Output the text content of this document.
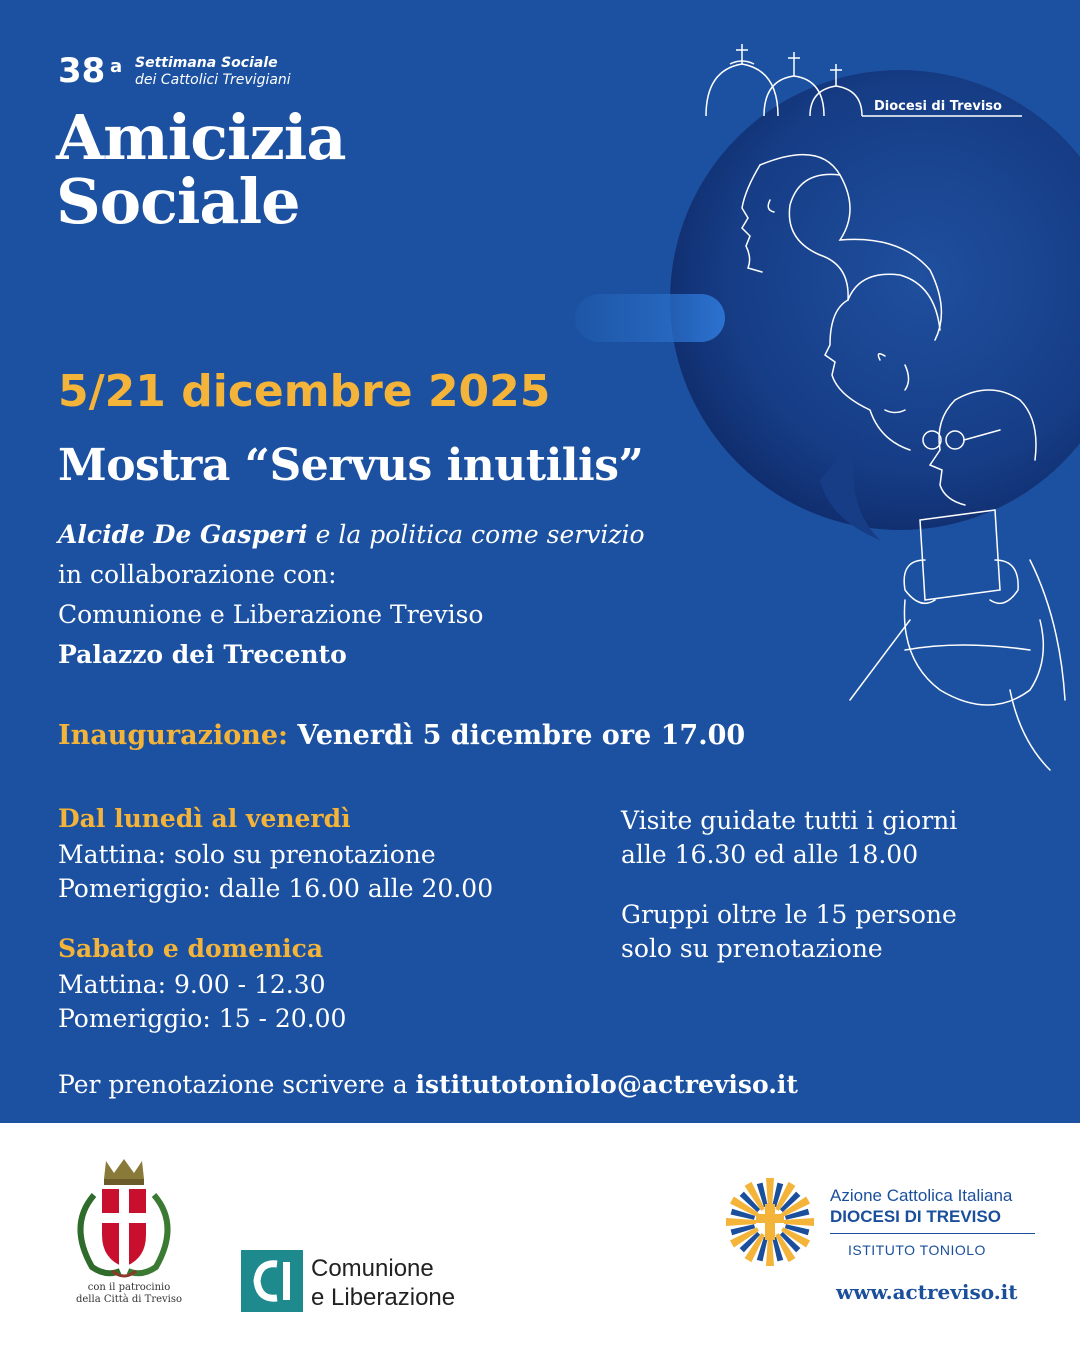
38 a Settimana Sociale
dei Cattolici Trevigiani
Amicizia
Sociale
Diocesi di Treviso
5/21 dicembre 2025
Mostra “Servus inutilis”
Alcide De Gasperi e la politica come servizio
in collaborazione con:
Comunione e Liberazione Treviso
Palazzo dei Trecento
Inaugurazione: Venerdì 5 dicembre ore 17.00
Dal lunedì al venerdì
Mattina: solo su prenotazione
Pomeriggio: dalle 16.00 alle 20.00
Sabato e domenica
Mattina: 9.00 - 12.30
Pomeriggio: 15 - 20.00
Visite guidate tutti i giorni
alle 16.30 ed alle 18.00
Gruppi oltre le 15 persone
solo su prenotazione
Per prenotazione scrivere a istitutotoniolo@actreviso.it
con il patrocinio
della Città di Treviso
Comunione
e Liberazione
Azione Cattolica Italiana
DIOCESI DI TREVISO
ISTITUTO TONIOLO
www.actreviso.it
